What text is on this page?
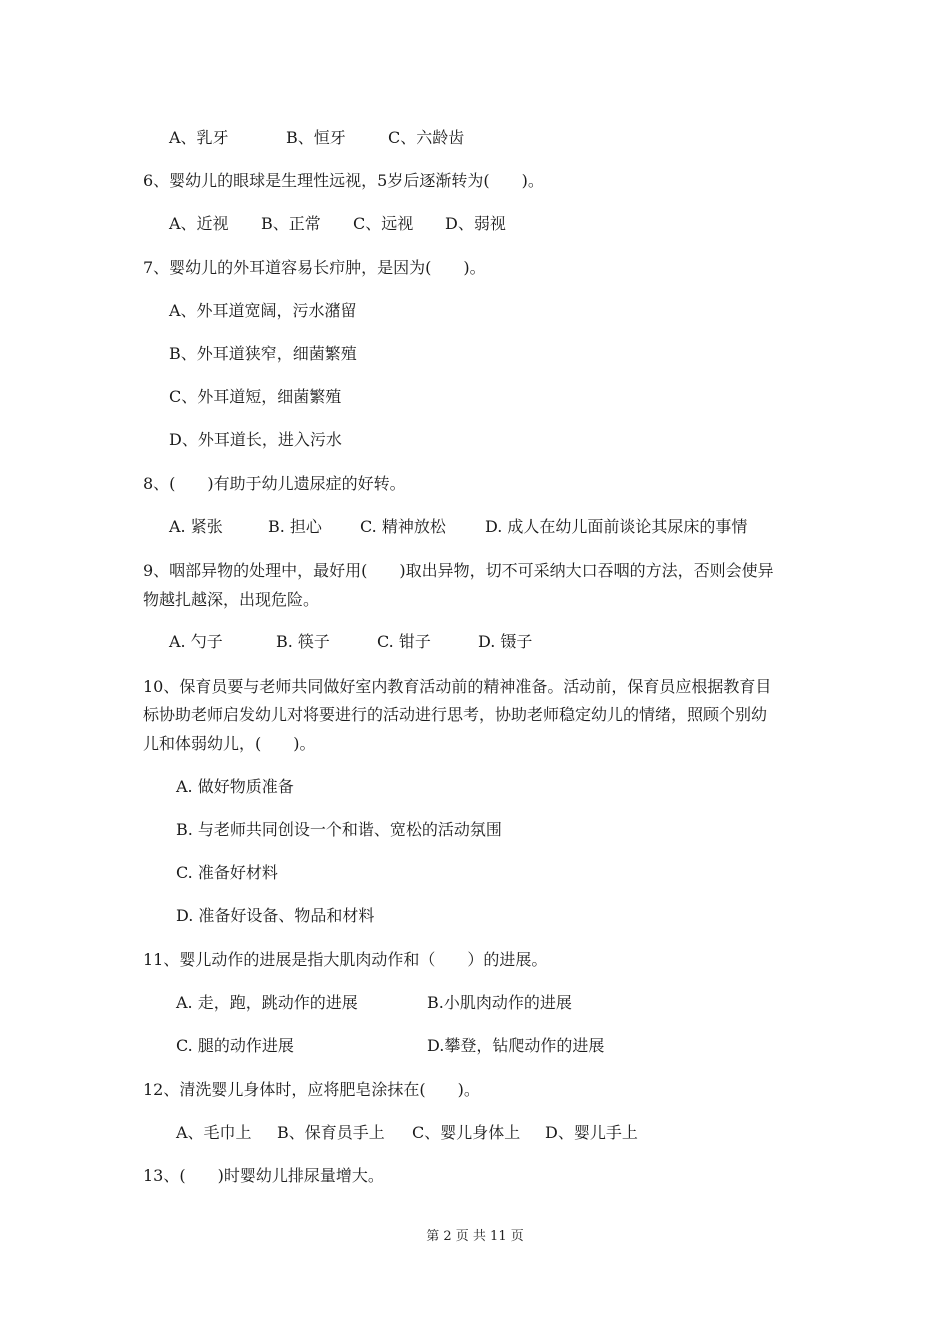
A、乳牙	B、恒牙	C、六龄齿
6、婴幼儿的眼球是生理性远视，5岁后逐渐转为(　　)。
A、近视 B、正常 C、远视 D、弱视
7、婴幼儿的外耳道容易长疖肿，是因为(　　)。
A、外耳道宽阔，污水潴留
B、外耳道狭窄，细菌繁殖
C、外耳道短，细菌繁殖
D、外耳道长，进入污水
8、(　　)有助于幼儿遗尿症的好转。
A. 紧张	B. 担心 C. 精神放松 D. 成人在幼儿面前谈论其尿床的事情
9、咽部异物的处理中，最好用(　　)取出异物，切不可采纳大口吞咽的方法，否则会使异
物越扎越深，出现危险。
A. 勺子	B. 筷子	C. 钳子	D. 镊子
10、保育员要与老师共同做好室内教育活动前的精神准备。活动前，保育员应根据教育目
标协助老师启发幼儿对将要进行的活动进行思考，协助老师稳定幼儿的情绪，照顾个别幼
儿和体弱幼儿，(　　)。
A. 做好物质准备
B. 与老师共同创设一个和谐、宽松的活动氛围
C. 准备好材料
D. 准备好设备、物品和材料
11、婴儿动作的进展是指大肌肉动作和（　　）的进展。
A. 走，跑，跳动作的进展	B.小肌肉动作的进展
C. 腿的动作进展	D.攀登，钻爬动作的进展
12、清洗婴儿身体时，应将肥皂涂抹在(　　)。
A、毛巾上 B、保育员手上 C、婴儿身体上 D、婴儿手上
13、(　　)时婴幼儿排尿量增大。
第 2 页 共 11 页
